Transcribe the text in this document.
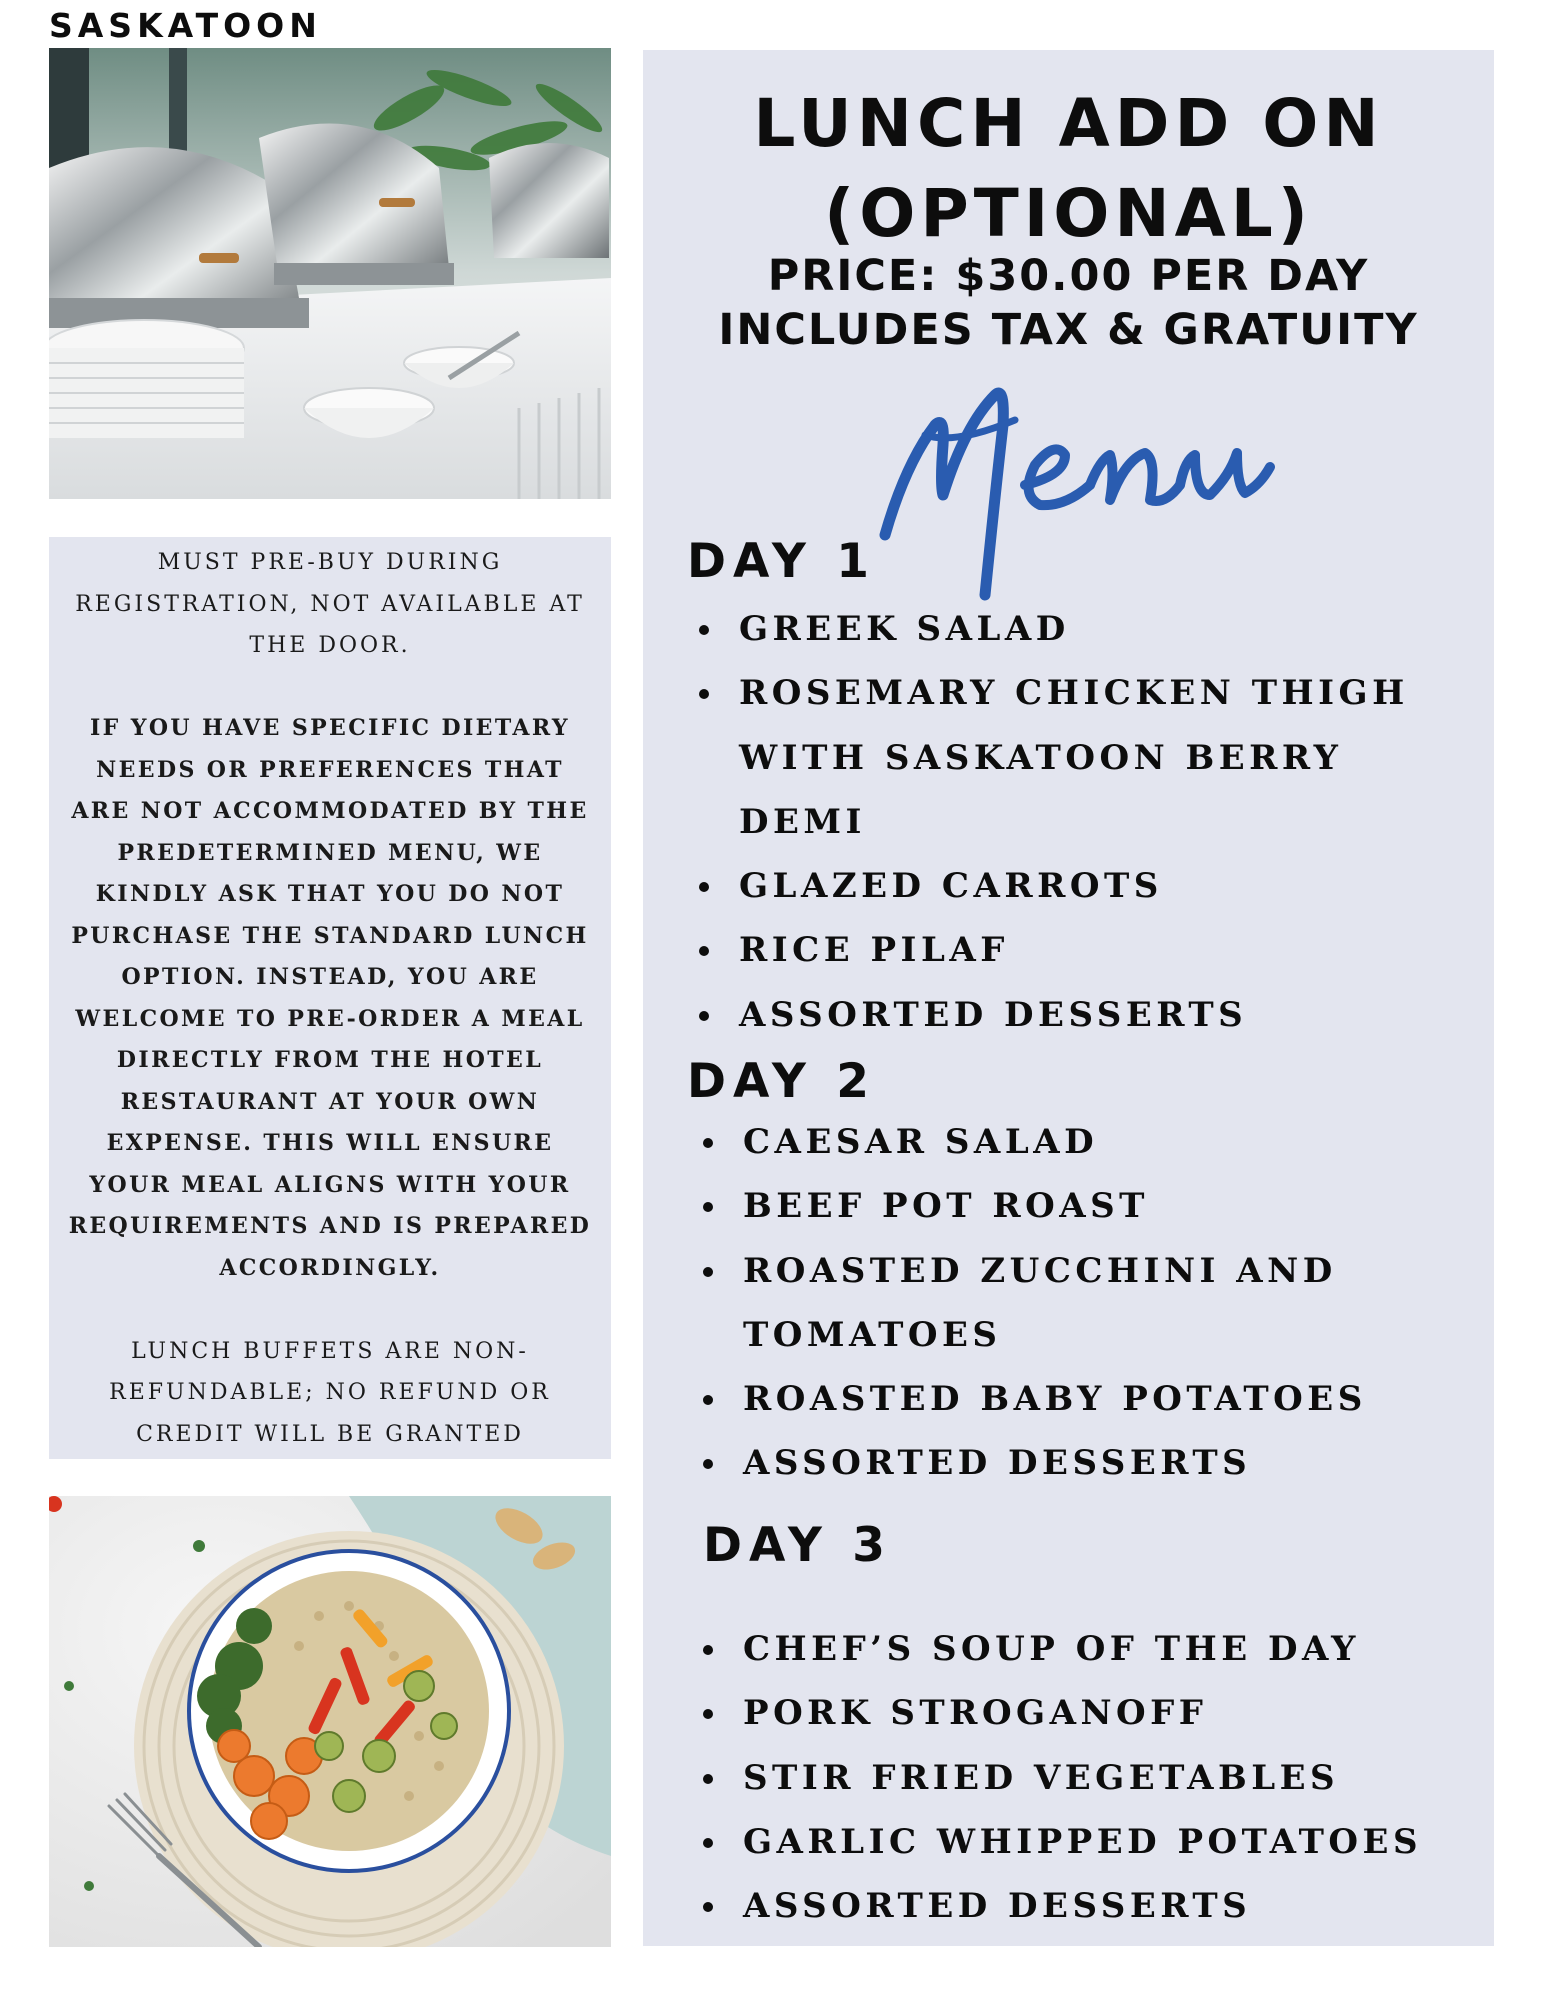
SASKATOON

MUST PRE-BUY DURING REGISTRATION, NOT AVAILABLE AT THE DOOR.

IF YOU HAVE SPECIFIC DIETARY NEEDS OR PREFERENCES THAT ARE NOT ACCOMMODATED BY THE PREDETERMINED MENU, WE KINDLY ASK THAT YOU DO NOT PURCHASE THE STANDARD LUNCH OPTION. INSTEAD, YOU ARE WELCOME TO PRE-ORDER A MEAL DIRECTLY FROM THE HOTEL RESTAURANT AT YOUR OWN EXPENSE. THIS WILL ENSURE YOUR MEAL ALIGNS WITH YOUR REQUIREMENTS AND IS PREPARED ACCORDINGLY.

LUNCH BUFFETS ARE NON-REFUNDABLE; NO REFUND OR CREDIT WILL BE GRANTED

LUNCH ADD ON
(OPTIONAL)
PRICE: $30.00 PER DAY
INCLUDES TAX & GRATUITY
DAY 1
GREEK SALAD
ROSEMARY CHICKEN THIGH WITH SASKATOON BERRY DEMI
GLAZED CARROTS
RICE PILAF
ASSORTED DESSERTS
DAY 2
CAESAR SALAD
BEEF POT ROAST
ROASTED ZUCCHINI AND TOMATOES
ROASTED BABY POTATOES
ASSORTED DESSERTS
DAY 3
CHEF’S SOUP OF THE DAY
PORK STROGANOFF
STIR FRIED VEGETABLES
GARLIC WHIPPED POTATOES
ASSORTED DESSERTS
